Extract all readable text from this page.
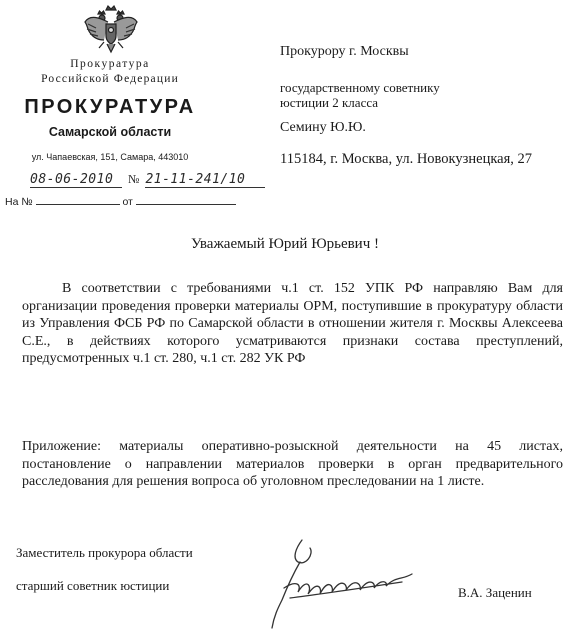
Прокуратура
Российской Федерации
ПРОКУРАТУРА
Самарской области
ул. Чапаевская, 151, Самара, 443010
08-06-2010 № 21-11-241/10
На №	от
Прокурору г. Москвы
государственному советнику
юстиции 2 класса
Семину Ю.Ю.
115184, г. Москва, ул. Новокузнецкая, 27
Уважаемый Юрий Юрьевич !
В соответствии с требованиями ч.1 ст. 152 УПК РФ направляю Вам для организации проведения проверки материалы ОРМ, поступившие в прокуратуру области из Управления ФСБ РФ по Самарской области в отношении жителя г. Москвы Алексеева С.Е., в действиях которого усматриваются признаки состава преступлений, предусмотренных ч.1 ст. 280, ч.1 ст. 282 УК РФ
Приложение: материалы оперативно-розыскной деятельности на 45 листах, постановление о направлении материалов проверки в орган предварительного расследования для решения вопроса об уголовном преследовании на 1 листе.
Заместитель прокурора области
старший советник юстиции	В.А. Заценин
